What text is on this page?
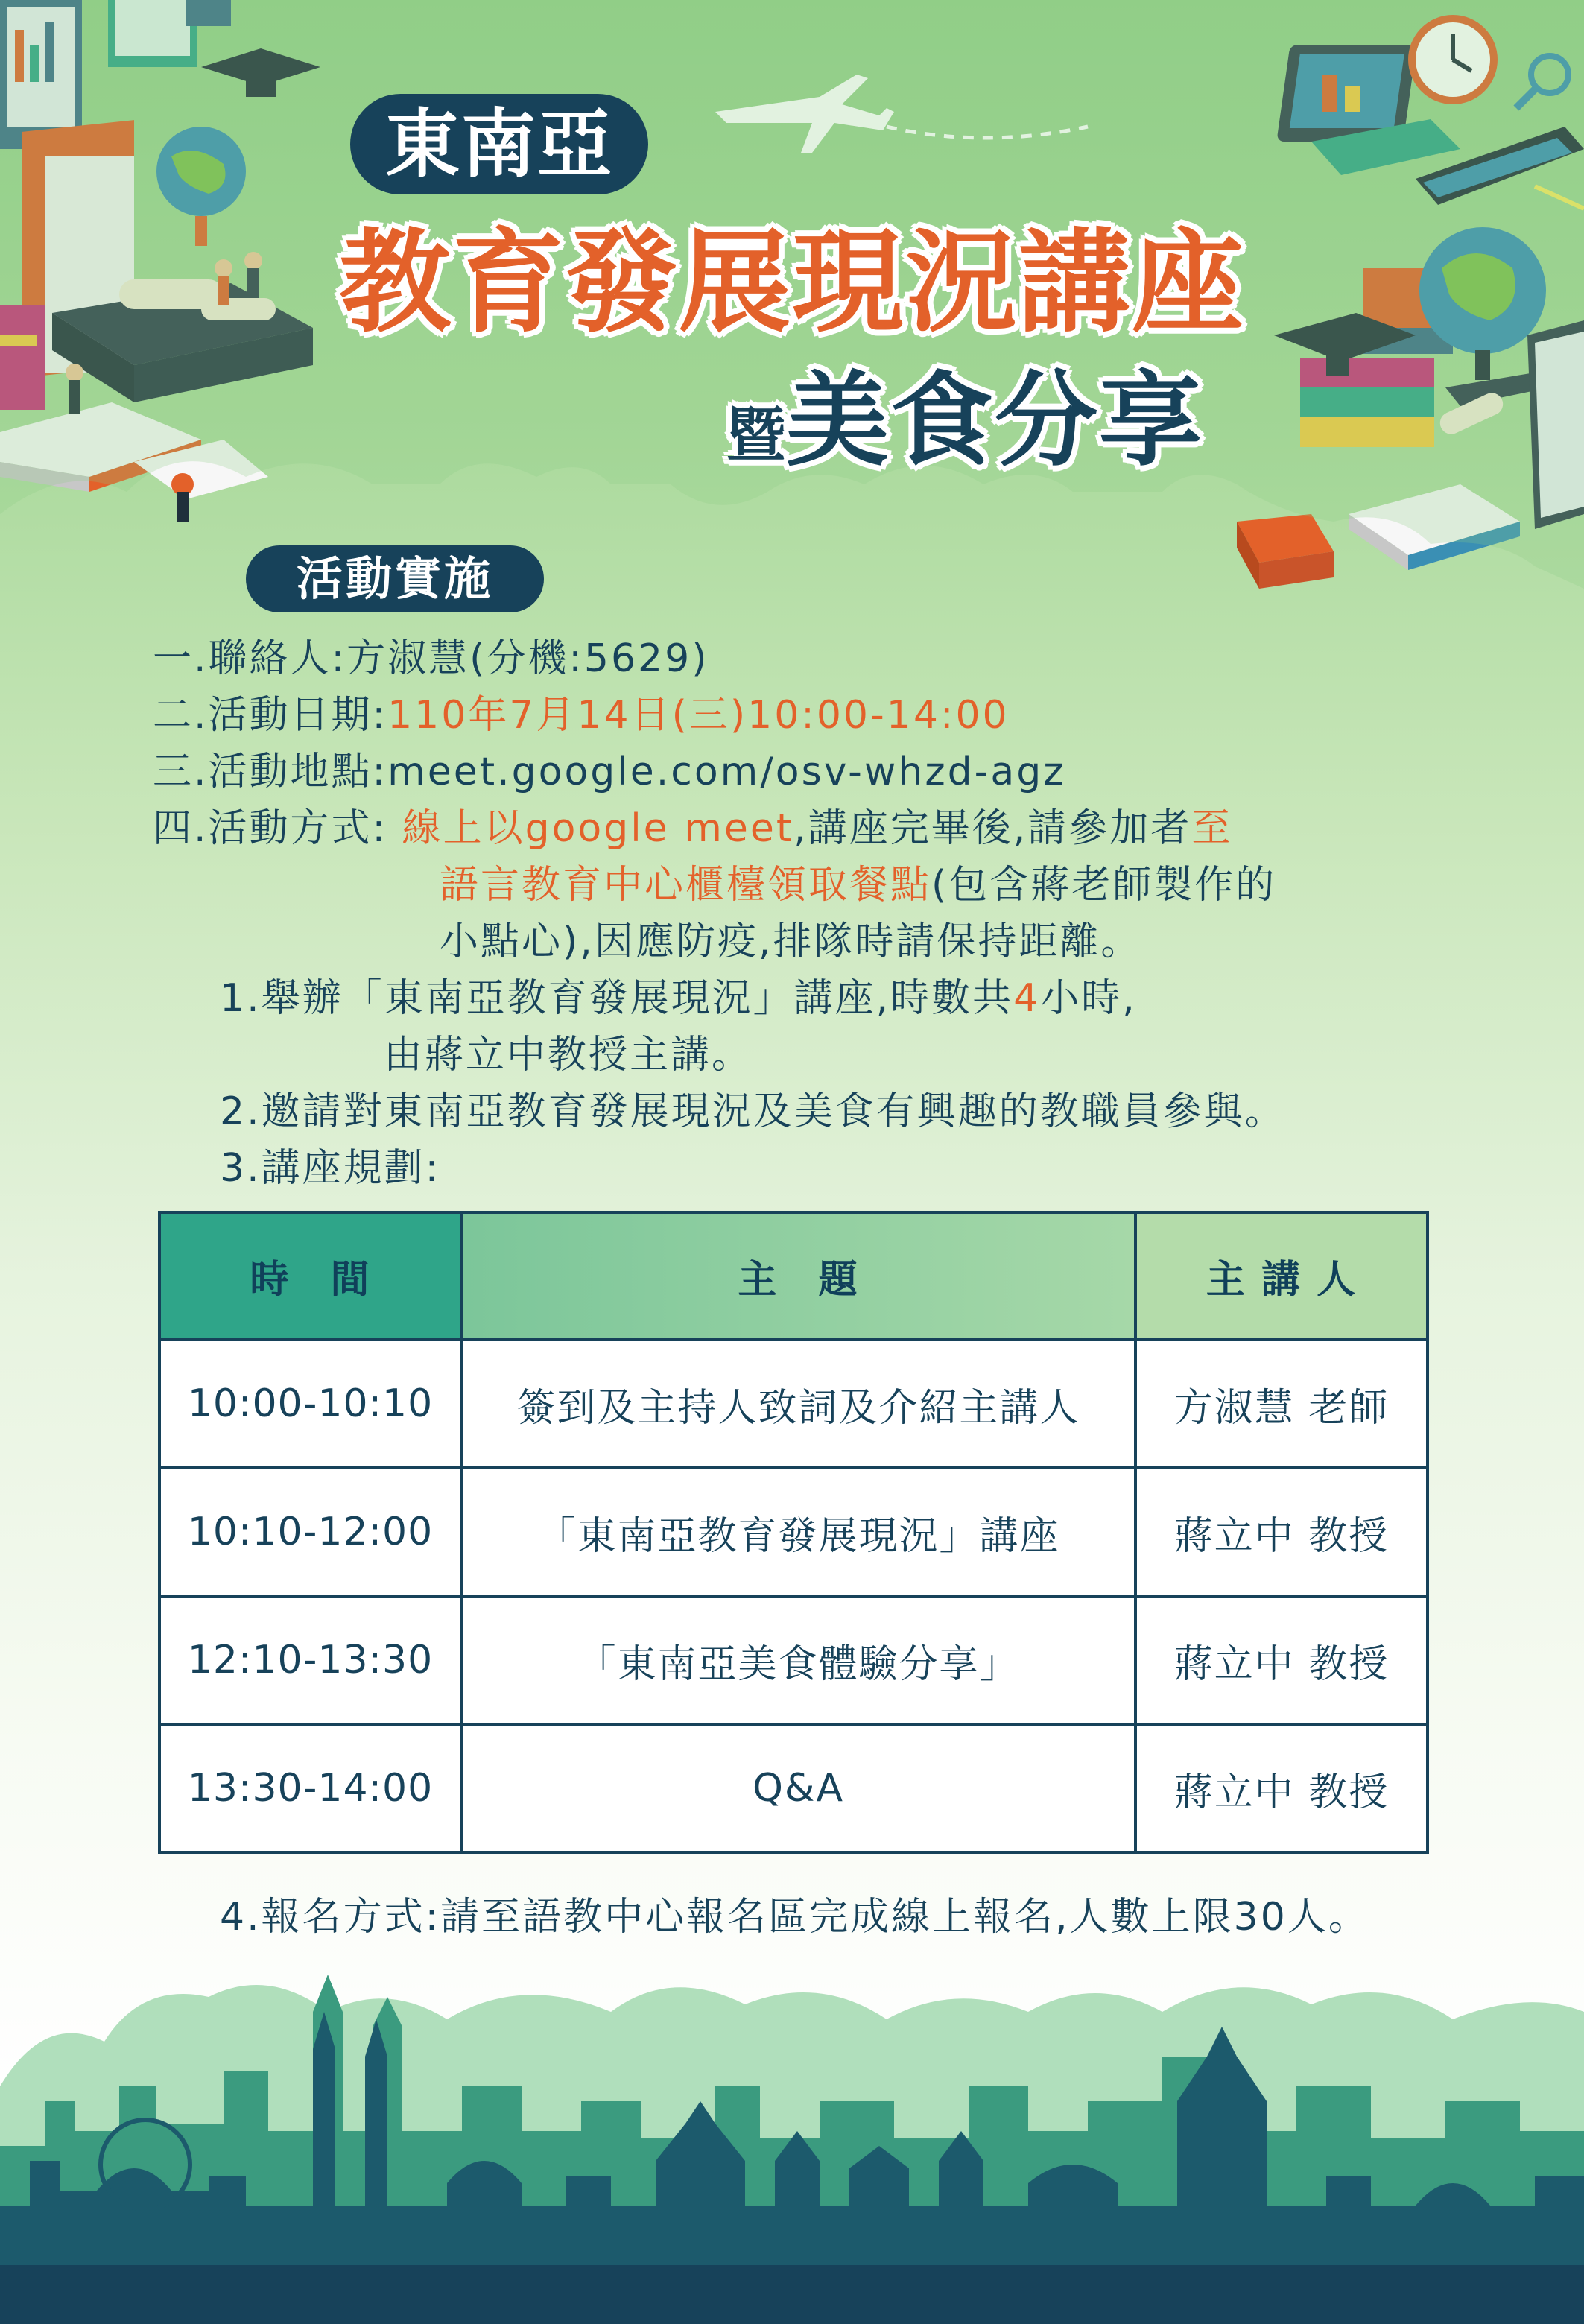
東南亞
教育發展現況講座
暨美食分享
活動實施
一.聯絡人:方淑慧(分機:5629)
二.活動日期:110年7月14日(三)10:00-14:00
三.活動地點:meet.google.com/osv-whzd-agz
四.活動方式: 線上以google meet,講座完畢後,請參加者至
語言教育中心櫃檯領取餐點(包含蔣老師製作的
小點心),因應防疫,排隊時請保持距離。
1.舉辦「東南亞教育發展現況」講座,時數共4小時,
由蔣立中教授主講。
2.邀請對東南亞教育發展現況及美食有興趣的教職員參與。
3.講座規劃:
時　間	主　題	主 講 人
10:00-10:10	簽到及主持人致詞及介紹主講人	方淑慧 老師
10:10-12:00	「東南亞教育發展現況」講座	蔣立中 教授
12:10-13:30	「東南亞美食體驗分享」	蔣立中 教授
13:30-14:00	Q&A	蔣立中 教授
4.報名方式:請至語教中心報名區完成線上報名,人數上限30人。
